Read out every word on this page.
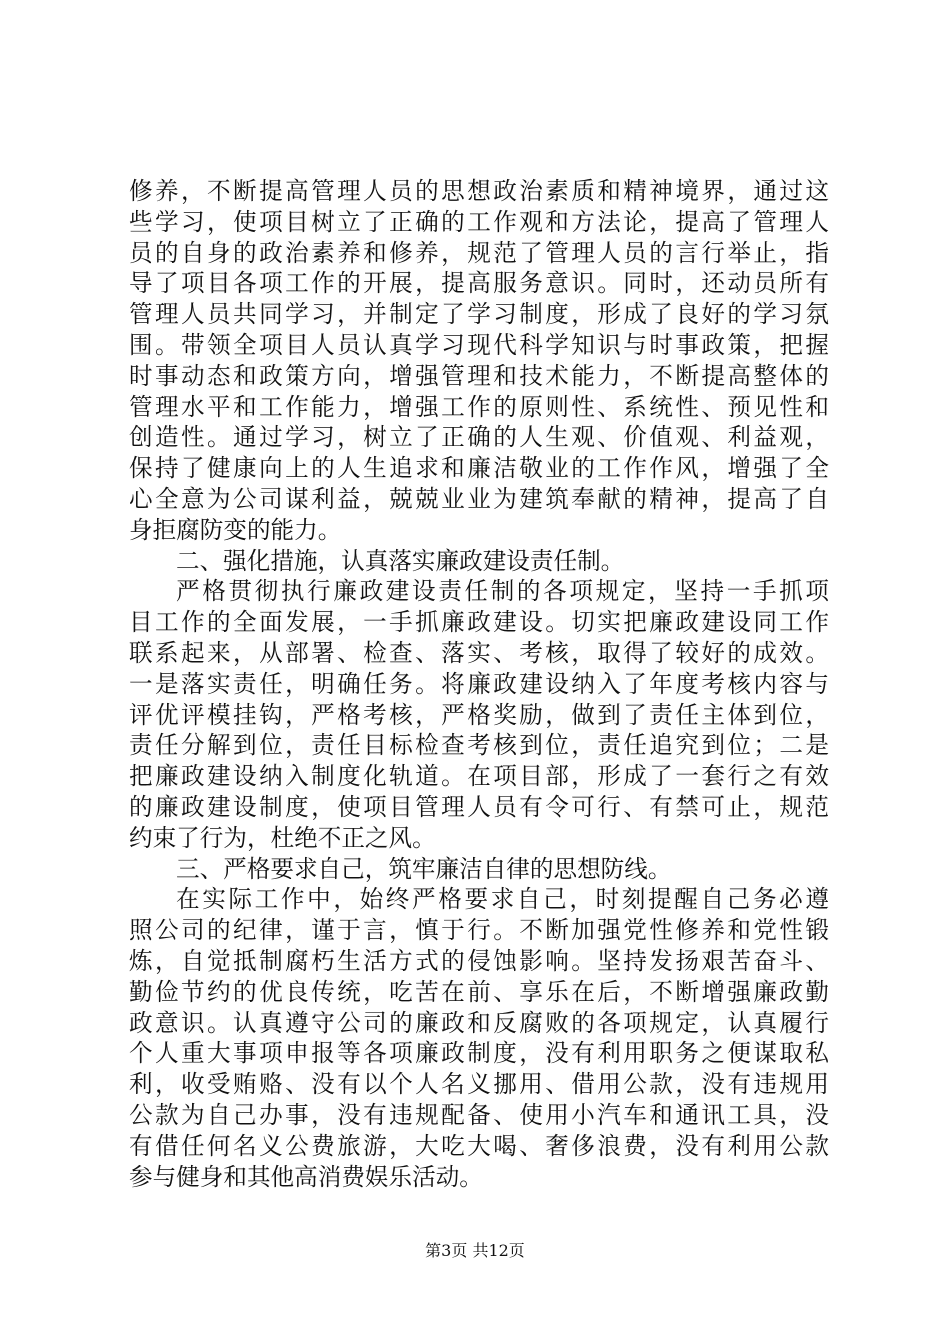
修养，不断提高管理人员的思想政治素质和精神境界，通过这
些学习，使项目树立了正确的工作观和方法论，提高了管理人
员的自身的政治素养和修养，规范了管理人员的言行举止，指
导了项目各项工作的开展，提高服务意识。同时，还动员所有
管理人员共同学习，并制定了学习制度，形成了良好的学习氛
围。带领全项目人员认真学习现代科学知识与时事政策，把握
时事动态和政策方向，增强管理和技术能力，不断提高整体的
管理水平和工作能力，增强工作的原则性、系统性、预见性和
创造性。通过学习，树立了正确的人生观、价值观、利益观，
保持了健康向上的人生追求和廉洁敬业的工作作风，增强了全
心全意为公司谋利益，兢兢业业为建筑奉献的精神，提高了自
身拒腐防变的能力。
二、强化措施，认真落实廉政建设责任制。
严格贯彻执行廉政建设责任制的各项规定，坚持一手抓项
目工作的全面发展，一手抓廉政建设。切实把廉政建设同工作
联系起来，从部署、检查、落实、考核，取得了较好的成效。
一是落实责任，明确任务。将廉政建设纳入了年度考核内容与
评优评模挂钩，严格考核，严格奖励，做到了责任主体到位，
责任分解到位，责任目标检查考核到位，责任追究到位；二是
把廉政建设纳入制度化轨道。在项目部，形成了一套行之有效
的廉政建设制度，使项目管理人员有令可行、有禁可止，规范
约束了行为，杜绝不正之风。
三、严格要求自己，筑牢廉洁自律的思想防线。
在实际工作中，始终严格要求自己，时刻提醒自己务必遵
照公司的纪律，谨于言，慎于行。不断加强党性修养和党性锻
炼，自觉抵制腐朽生活方式的侵蚀影响。坚持发扬艰苦奋斗、
勤俭节约的优良传统，吃苦在前、享乐在后，不断增强廉政勤
政意识。认真遵守公司的廉政和反腐败的各项规定，认真履行
个人重大事项申报等各项廉政制度，没有利用职务之便谋取私
利，收受贿赂、没有以个人名义挪用、借用公款，没有违规用
公款为自己办事，没有违规配备、使用小汽车和通讯工具，没
有借任何名义公费旅游，大吃大喝、奢侈浪费，没有利用公款
参与健身和其他高消费娱乐活动。
第3页 共12页
